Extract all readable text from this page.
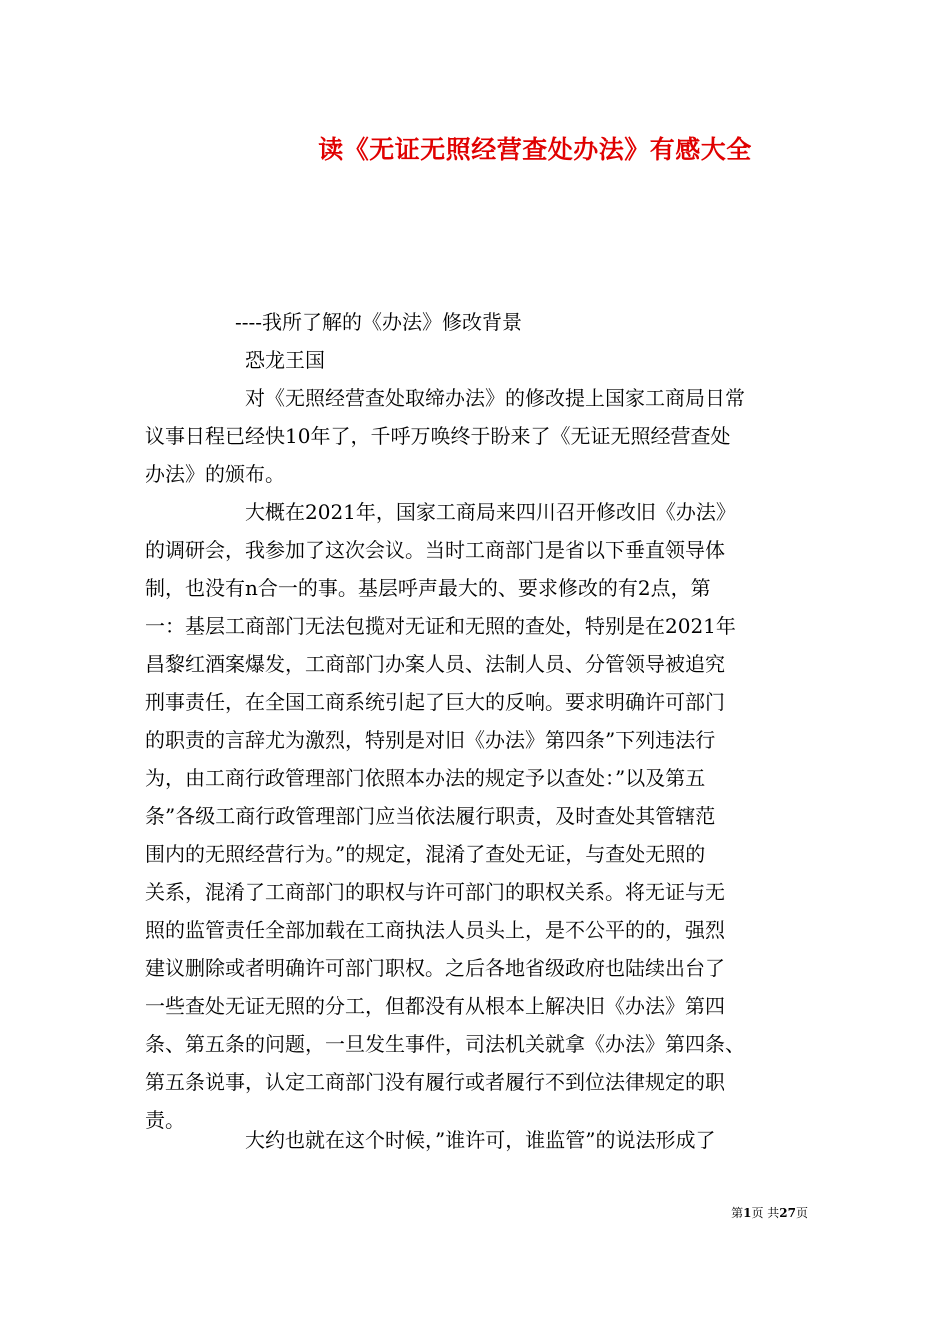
读《无证无照经营查处办法》有感大全
----我所了解的《办法》修改背景
恐龙王国
对《无照经营查处取缔办法》的修改提上国家工商局日常
议事日程已经快10年了，千呼万唤终于盼来了《无证无照经营查处
办法》的颁布。
大概在2021年，国家工商局来四川召开修改旧《办法》
的调研会，我参加了这次会议。当时工商部门是省以下垂直领导体
制，也没有n合一的事。基层呼声最大的、要求修改的有2点，第
一：基层工商部门无法包揽对无证和无照的查处，特别是在2021年
昌黎红酒案爆发，工商部门办案人员、法制人员、分管领导被追究
刑事责任，在全国工商系统引起了巨大的反响。要求明确许可部门
的职责的言辞尤为激烈，特别是对旧《办法》第四条”下列违法行
为，由工商行政管理部门依照本办法的规定予以查处：”以及第五
条”各级工商行政管理部门应当依法履行职责，及时查处其管辖范
围内的无照经营行为。”的规定，混淆了查处无证，与查处无照的
关系，混淆了工商部门的职权与许可部门的职权关系。将无证与无
照的监管责任全部加载在工商执法人员头上，是不公平的的，强烈
建议删除或者明确许可部门职权。之后各地省级政府也陆续出台了
一些查处无证无照的分工，但都没有从根本上解决旧《办法》第四
条、第五条的问题，一旦发生事件，司法机关就拿《办法》第四条、
第五条说事，认定工商部门没有履行或者履行不到位法律规定的职
责。
大约也就在这个时候，”谁许可，谁监管”的说法形成了
第1页 共27页
